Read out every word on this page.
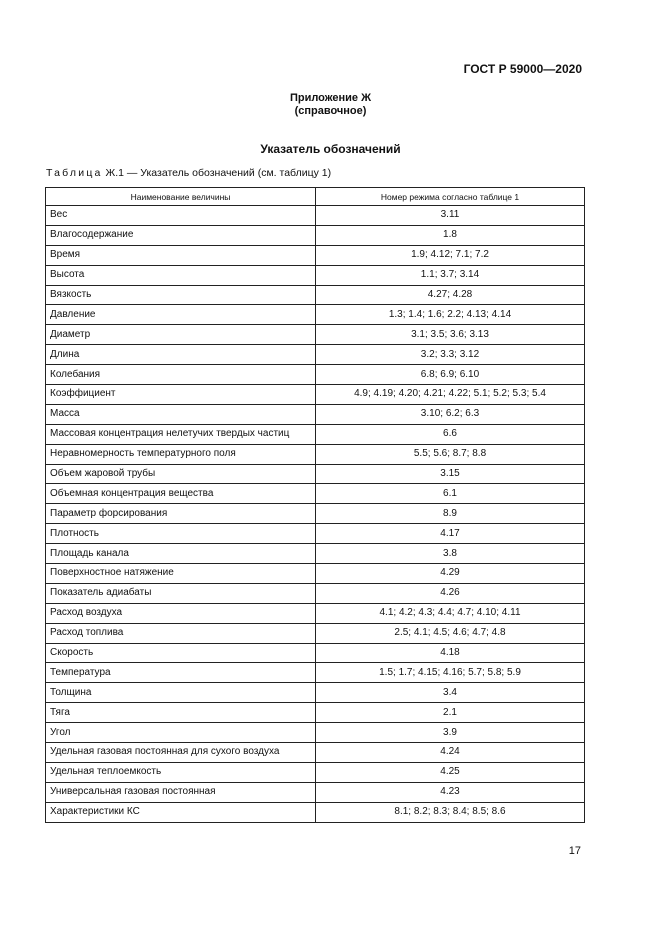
ГОСТ Р 59000—2020
Приложение Ж
(справочное)
Указатель обозначений
Таблица Ж.1 — Указатель обозначений (см. таблицу 1)
Наименование величины	Номер режима согласно таблице 1
Вес	3.11
Влагосодержание	1.8
Время	1.9; 4.12; 7.1; 7.2
Высота	1.1; 3.7; 3.14
Вязкость	4.27; 4.28
Давление	1.3; 1.4; 1.6; 2.2; 4.13; 4.14
Диаметр	3.1; 3.5; 3.6; 3.13
Длина	3.2; 3.3; 3.12
Колебания	6.8; 6.9; 6.10
Коэффициент	4.9; 4.19; 4.20; 4.21; 4.22; 5.1; 5.2; 5.3; 5.4
Масса	3.10; 6.2; 6.3
Массовая концентрация нелетучих твердых частиц	6.6
Неравномерность температурного поля	5.5; 5.6; 8.7; 8.8
Объем жаровой трубы	3.15
Объемная концентрация вещества	6.1
Параметр форсирования	8.9
Плотность	4.17
Площадь канала	3.8
Поверхностное натяжение	4.29
Показатель адиабаты	4.26
Расход воздуха	4.1; 4.2; 4.3; 4.4; 4.7; 4.10; 4.11
Расход топлива	2.5; 4.1; 4.5; 4.6; 4.7; 4.8
Скорость	4.18
Температура	1.5; 1.7; 4.15; 4.16; 5.7; 5.8; 5.9
Толщина	3.4
Тяга	2.1
Угол	3.9
Удельная газовая постоянная для сухого воздуха	4.24
Удельная теплоемкость	4.25
Универсальная газовая постоянная	4.23
Характеристики КС	8.1; 8.2; 8.3; 8.4; 8.5; 8.6
17
